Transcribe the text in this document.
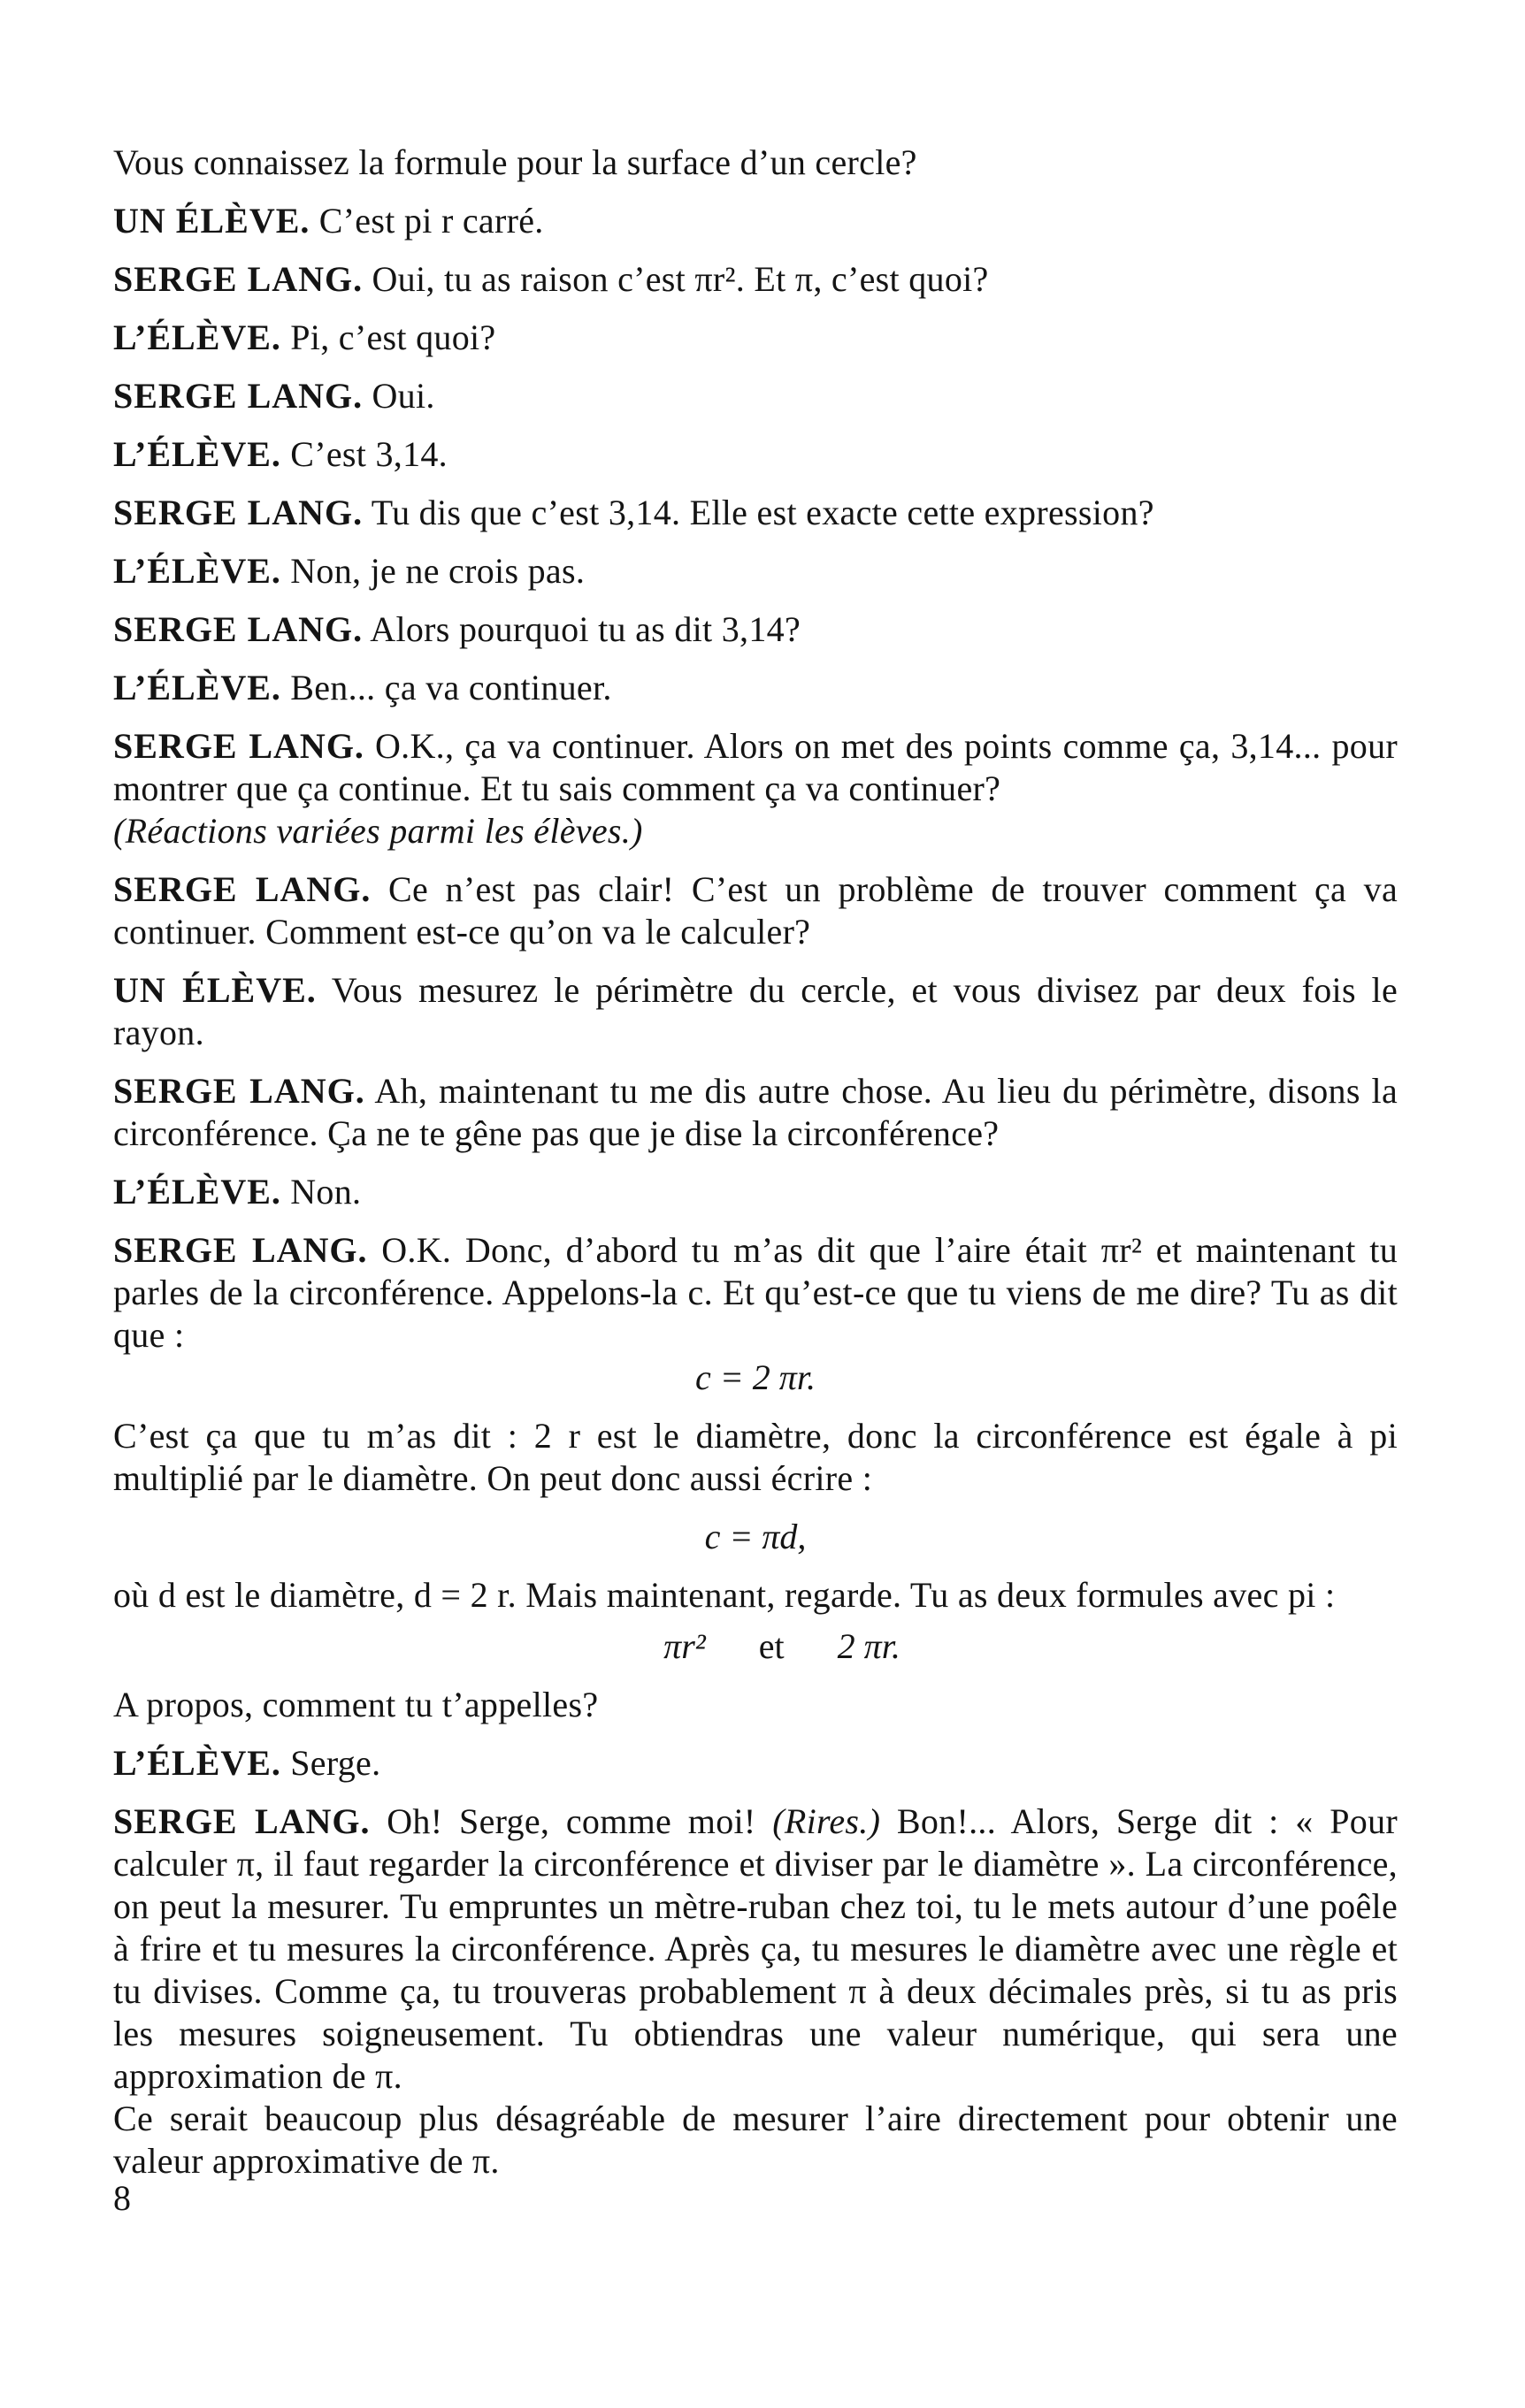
Vous connaissez la formule pour la surface d’un cercle?

UN ÉLÈVE. C’est pi r carré.

SERGE LANG. Oui, tu as raison c’est πr². Et π, c’est quoi?

L’ÉLÈVE. Pi, c’est quoi?

SERGE LANG. Oui.

L’ÉLÈVE. C’est 3,14.

SERGE LANG. Tu dis que c’est 3,14. Elle est exacte cette expression?

L’ÉLÈVE. Non, je ne crois pas.

SERGE LANG. Alors pourquoi tu as dit 3,14?

L’ÉLÈVE. Ben... ça va continuer.

SERGE LANG. O.K., ça va continuer. Alors on met des points comme ça, 3,14... pour montrer que ça continue. Et tu sais comment ça va continuer?

(Réactions variées parmi les élèves.)

SERGE LANG. Ce n’est pas clair! C’est un problème de trouver comment ça va continuer. Comment est-ce qu’on va le calculer?

UN ÉLÈVE. Vous mesurez le périmètre du cercle, et vous divisez par deux fois le rayon.

SERGE LANG. Ah, maintenant tu me dis autre chose. Au lieu du périmètre, disons la circonférence. Ça ne te gêne pas que je dise la circonférence?

L’ÉLÈVE. Non.

SERGE LANG. O.K. Donc, d’abord tu m’as dit que l’aire était πr² et maintenant tu parles de la circonférence. Appelons-la c. Et qu’est-ce que tu viens de me dire? Tu as dit que :

c = 2 πr.

C’est ça que tu m’as dit : 2 r est le diamètre, donc la circonférence est égale à pi multiplié par le diamètre. On peut donc aussi écrire :

c = πd,

où d est le diamètre, d = 2 r. Mais maintenant, regarde. Tu as deux formules avec pi :

πr² et 2 πr.

A propos, comment tu t’appelles?

L’ÉLÈVE. Serge.

SERGE LANG. Oh! Serge, comme moi! (Rires.) Bon!... Alors, Serge dit : « Pour calculer π, il faut regarder la circonférence et diviser par le diamètre ». La circonférence, on peut la mesurer. Tu empruntes un mètre-ruban chez toi, tu le mets autour d’une poêle à frire et tu mesures la circonférence. Après ça, tu mesures le diamètre avec une règle et tu divises. Comme ça, tu trouveras probablement π à deux décimales près, si tu as pris les mesures soigneusement. Tu obtiendras une valeur numérique, qui sera une approximation de π.

Ce serait beaucoup plus désagréable de mesurer l’aire directement pour obtenir une valeur approximative de π.

8
